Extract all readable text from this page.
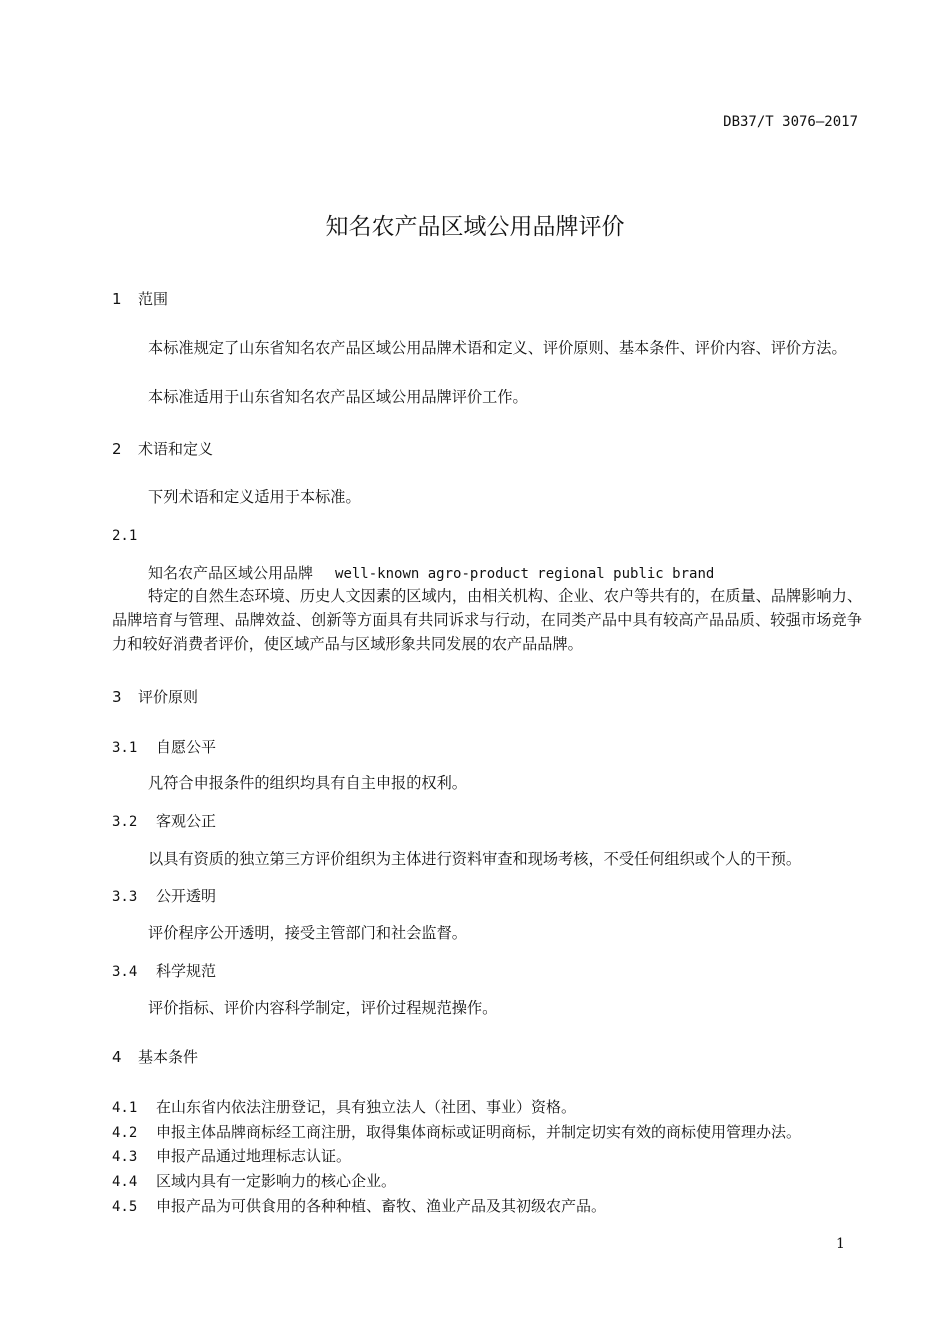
DB37/T 3076—2017
知名农产品区域公用品牌评价
1 范围
本标准规定了山东省知名农产品区域公用品牌术语和定义、评价原则、基本条件、评价内容、评价方法。
本标准适用于山东省知名农产品区域公用品牌评价工作。
2 术语和定义
下列术语和定义适用于本标准。
2.1
知名农产品区域公用品牌 well-known agro-product regional public brand
特定的自然生态环境、历史人文因素的区域内，由相关机构、企业、农户等共有的，在质量、品牌影响力、品牌培育与管理、品牌效益、创新等方面具有共同诉求与行动，在同类产品中具有较高产品品质、较强市场竞争力和较好消费者评价，使区域产品与区域形象共同发展的农产品品牌。
3 评价原则
3.1 自愿公平
凡符合申报条件的组织均具有自主申报的权利。
3.2 客观公正
以具有资质的独立第三方评价组织为主体进行资料审查和现场考核，不受任何组织或个人的干预。
3.3 公开透明
评价程序公开透明，接受主管部门和社会监督。
3.4 科学规范
评价指标、评价内容科学制定，评价过程规范操作。
4 基本条件
4.1 在山东省内依法注册登记，具有独立法人（社团、事业）资格。
4.2 申报主体品牌商标经工商注册，取得集体商标或证明商标，并制定切实有效的商标使用管理办法。
4.3 申报产品通过地理标志认证。
4.4 区域内具有一定影响力的核心企业。
4.5 申报产品为可供食用的各种种植、畜牧、渔业产品及其初级农产品。
1
